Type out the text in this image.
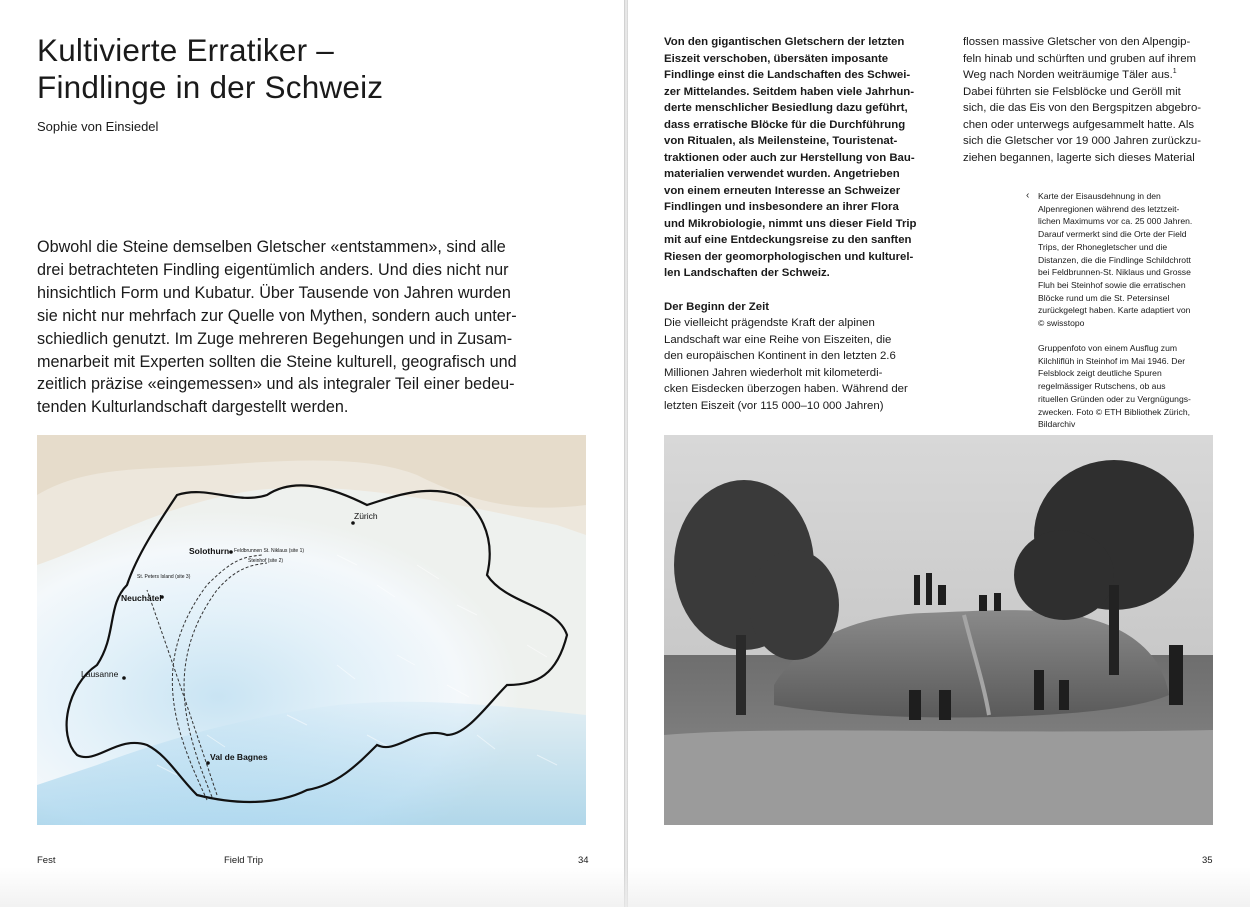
Kultivierte Erratiker –
Findlinge in der Schweiz
Sophie von Einsiedel
Obwohl die Steine demselben Gletscher «entstammen», sind alle
drei betrachteten Findling eigentümlich anders. Und dies nicht nur
hinsichtlich Form und Kubatur. Über Tausende von Jahren wurden
sie nicht nur mehrfach zur Quelle von Mythen, sondern auch unter-
schiedlich genutzt. Im Zuge mehreren Begehungen und in Zusam-
menarbeit mit Experten sollten die Steine kulturell, geografisch und
zeitlich präzise «eingemessen» und als integraler Teil einer bedeu-
tenden Kulturlandschaft dargestellt werden.
Zürich
Solothurn Feldbrunnen St. Niklaus (site 1)
Steinhof (site 2)
St. Peters Island (site 3)
Neuchâtel
Lausanne
Val de Bagnes
Fest	Field Trip	34
Von den gigantischen Gletschern der letzten
Eiszeit verschoben, übersäten imposante
Findlinge einst die Landschaften des Schwei-
zer Mittelandes. Seitdem haben viele Jahrhun-
derte menschlicher Besiedlung dazu geführt,
dass erratische Blöcke für die Durchführung
von Ritualen, als Meilensteine, Touristenat-
traktionen oder auch zur Herstellung von Bau-
materialien verwendet wurden. Angetrieben
von einem erneuten Interesse an Schweizer
Findlingen und insbesondere an ihrer Flora
und Mikrobiologie, nimmt uns dieser Field Trip
mit auf eine Entdeckungsreise zu den sanften
Riesen der geomorphologischen und kulturel-
len Landschaften der Schweiz.
Der Beginn der Zeit
Die vielleicht prägendste Kraft der alpinen
Landschaft war eine Reihe von Eiszeiten, die
den europäischen Kontinent in den letzten 2.6
Millionen Jahren wiederholt mit kilometerdi-
cken Eisdecken überzogen haben. Während der
letzten Eiszeit (vor 115 000–10 000 Jahren)
flossen massive Gletscher von den Alpengip-
feln hinab und schürften und gruben auf ihrem
Weg nach Norden weiträumige Täler aus.$^1$
Dabei führten sie Felsblöcke und Geröll mit
sich, die das Eis von den Bergspitzen abgebro-
chen oder unterwegs aufgesammelt hatte. Als
sich die Gletscher vor 19 000 Jahren zurückzu-
ziehen begannen, lagerte sich dieses Material
‹ Karte der Eisausdehnung in den
Alpenregionen während des letztzeit-
lichen Maximums vor ca. 25 000 Jahren.
Darauf vermerkt sind die Orte der Field
Trips, der Rhonegletscher und die
Distanzen, die die Findlinge Schildchrott
bei Feldbrunnen-St. Niklaus und Grosse
Fluh bei Steinhof sowie die erratischen
Blöcke rund um die St. Petersinsel
zurückgelegt haben. Karte adaptiert von
© swisstopo
Gruppenfoto von einem Ausflug zum
Kilchliflüh in Steinhof im Mai 1946. Der
Felsblock zeigt deutliche Spuren
regelmässiger Rutschens, ob aus
rituellen Gründen oder zu Vergnügungs-
zwecken. Foto © ETH Bibliothek Zürich,
Bildarchiv
35
